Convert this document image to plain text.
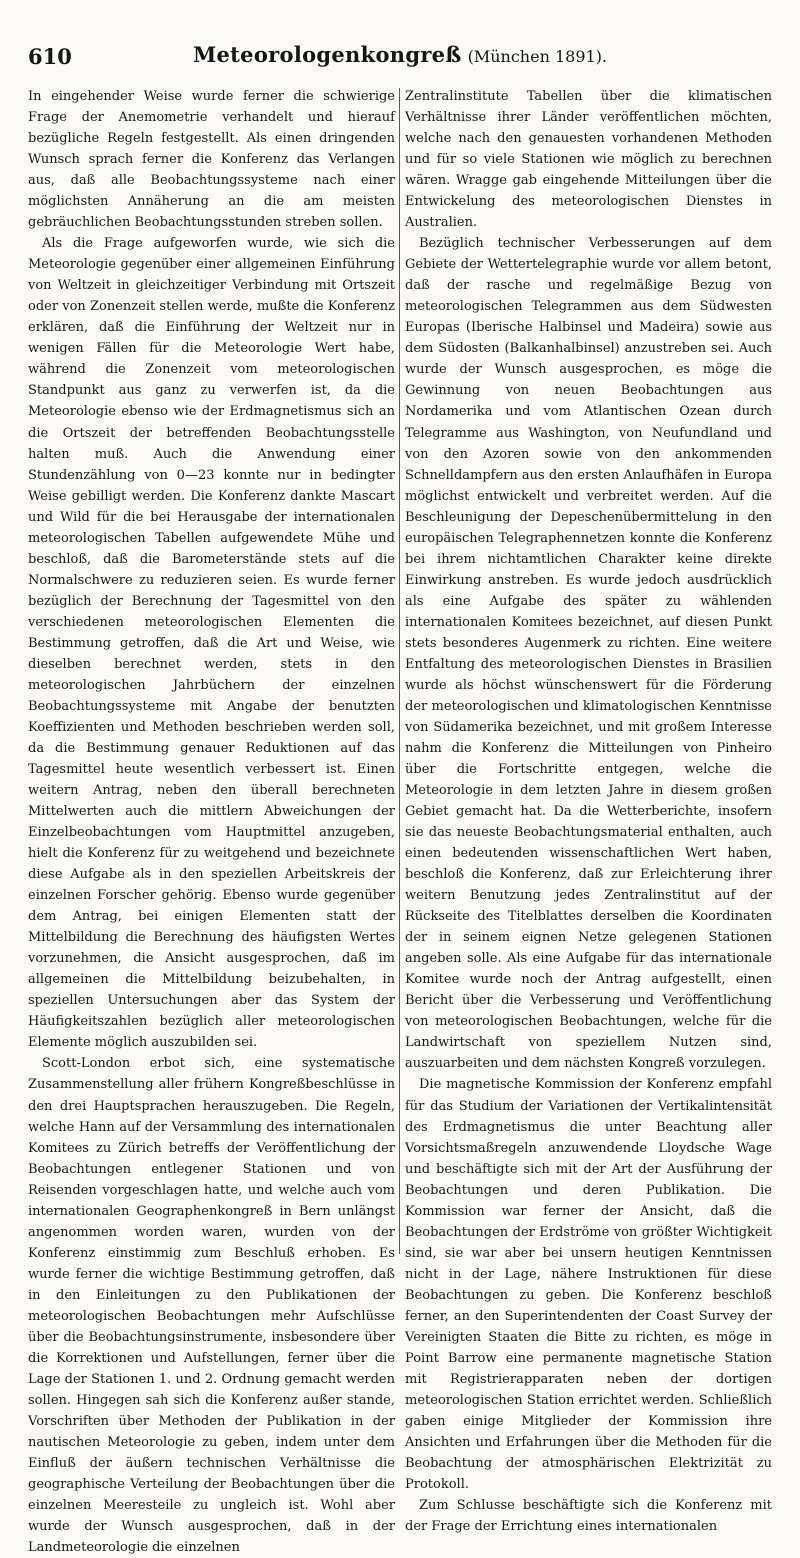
610	Meteorologenkongreß (München 1891).

In eingehender Weise wurde ferner die schwierige Frage der Anemometrie verhandelt und hierauf bezügliche Regeln festgestellt. Als einen dringenden Wunsch sprach ferner die Konferenz das Verlangen aus, daß alle Beobachtungssysteme nach einer möglichsten Annäherung an die am meisten gebräuchlichen Beobachtungsstunden streben sollen.

Als die Frage aufgeworfen wurde, wie sich die Meteorologie gegenüber einer allgemeinen Einführung von Weltzeit in gleichzeitiger Verbindung mit Ortszeit oder von Zonenzeit stellen werde, mußte die Konferenz erklären, daß die Einführung der Weltzeit nur in wenigen Fällen für die Meteorologie Wert habe, während die Zonenzeit vom meteorologischen Standpunkt aus ganz zu verwerfen ist, da die Meteorologie ebenso wie der Erdmagnetismus sich an die Ortszeit der betreffenden Beobachtungsstelle halten muß. Auch die Anwendung einer Stundenzählung von 0—23 konnte nur in bedingter Weise gebilligt werden. Die Konferenz dankte Mascart und Wild für die bei Herausgabe der internationalen meteorologischen Tabellen aufgewendete Mühe und beschloß, daß die Barometerstände stets auf die Normalschwere zu reduzieren seien. Es wurde ferner bezüglich der Berechnung der Tagesmittel von den verschiedenen meteorologischen Elementen die Bestimmung getroffen, daß die Art und Weise, wie dieselben berechnet werden, stets in den meteorologischen Jahrbüchern der einzelnen Beobachtungssysteme mit Angabe der benutzten Koeffizienten und Methoden beschrieben werden soll, da die Bestimmung genauer Reduktionen auf das Tagesmittel heute wesentlich verbessert ist. Einen weitern Antrag, neben den überall berechneten Mittelwerten auch die mittlern Abweichungen der Einzelbeobachtungen vom Hauptmittel anzugeben, hielt die Konferenz für zu weitgehend und bezeichnete diese Aufgabe als in den speziellen Arbeitskreis der einzelnen Forscher gehörig. Ebenso wurde gegenüber dem Antrag, bei einigen Elementen statt der Mittelbildung die Berechnung des häufigsten Wertes vorzunehmen, die Ansicht ausgesprochen, daß im allgemeinen die Mittelbildung beizubehalten, in speziellen Untersuchungen aber das System der Häufigkeitszahlen bezüglich aller meteorologischen Elemente möglich auszubilden sei.

Scott-London erbot sich, eine systematische Zusammenstellung aller frühern Kongreßbeschlüsse in den drei Hauptsprachen herauszugeben. Die Regeln, welche Hann auf der Versammlung des internationalen Komitees zu Zürich betreffs der Veröffentlichung der Beobachtungen entlegener Stationen und von Reisenden vorgeschlagen hatte, und welche auch vom internationalen Geographenkongreß in Bern unlängst angenommen worden waren, wurden von der Konferenz einstimmig zum Beschluß erhoben. Es wurde ferner die wichtige Bestimmung getroffen, daß in den Einleitungen zu den Publikationen der meteorologischen Beobachtungen mehr Aufschlüsse über die Beobachtungsinstrumente, insbesondere über die Korrektionen und Aufstellungen, ferner über die Lage der Stationen 1. und 2. Ordnung gemacht werden sollen. Hingegen sah sich die Konferenz außer stande, Vorschriften über Methoden der Publikation in der nautischen Meteorologie zu geben, indem unter dem Einfluß der äußern technischen Verhältnisse die geographische Verteilung der Beobachtungen über die einzelnen Meeresteile zu ungleich ist. Wohl aber wurde der Wunsch ausgesprochen, daß in der Landmeteorologie die einzelnen

Zentralinstitute Tabellen über die klimatischen Verhältnisse ihrer Länder veröffentlichen möchten, welche nach den genauesten vorhandenen Methoden und für so viele Stationen wie möglich zu berechnen wären. Wragge gab eingehende Mitteilungen über die Entwickelung des meteorologischen Dienstes in Australien.

Bezüglich technischer Verbesserungen auf dem Gebiete der Wettertelegraphie wurde vor allem betont, daß der rasche und regelmäßige Bezug von meteorologischen Telegrammen aus dem Südwesten Europas (Iberische Halbinsel und Madeira) sowie aus dem Südosten (Balkanhalbinsel) anzustreben sei. Auch wurde der Wunsch ausgesprochen, es möge die Gewinnung von neuen Beobachtungen aus Nordamerika und vom Atlantischen Ozean durch Telegramme aus Washington, von Neufundland und von den Azoren sowie von den ankommenden Schnelldampfern aus den ersten Anlaufhäfen in Europa möglichst entwickelt und verbreitet werden. Auf die Beschleunigung der Depeschenübermittelung in den europäischen Telegraphennetzen konnte die Konferenz bei ihrem nichtamtlichen Charakter keine direkte Einwirkung anstreben. Es wurde jedoch ausdrücklich als eine Aufgabe des später zu wählenden internationalen Komitees bezeichnet, auf diesen Punkt stets besonderes Augenmerk zu richten. Eine weitere Entfaltung des meteorologischen Dienstes in Brasilien wurde als höchst wünschenswert für die Förderung der meteorologischen und klimatologischen Kenntnisse von Südamerika bezeichnet, und mit großem Interesse nahm die Konferenz die Mitteilungen von Pinheiro über die Fortschritte entgegen, welche die Meteorologie in dem letzten Jahre in diesem großen Gebiet gemacht hat. Da die Wetterberichte, insofern sie das neueste Beobachtungsmaterial enthalten, auch einen bedeutenden wissenschaftlichen Wert haben, beschloß die Konferenz, daß zur Erleichterung ihrer weitern Benutzung jedes Zentralinstitut auf der Rückseite des Titelblattes derselben die Koordinaten der in seinem eignen Netze gelegenen Stationen angeben solle. Als eine Aufgabe für das internationale Komitee wurde noch der Antrag aufgestellt, einen Bericht über die Verbesserung und Veröffentlichung von meteorologischen Beobachtungen, welche für die Landwirtschaft von speziellem Nutzen sind, auszuarbeiten und dem nächsten Kongreß vorzulegen.

Die magnetische Kommission der Konferenz empfahl für das Studium der Variationen der Vertikalintensität des Erdmagnetismus die unter Beachtung aller Vorsichtsmaßregeln anzuwendende Lloydsche Wage und beschäftigte sich mit der Art der Ausführung der Beobachtungen und deren Publikation. Die Kommission war ferner der Ansicht, daß die Beobachtungen der Erdströme von größter Wichtigkeit sind, sie war aber bei unsern heutigen Kenntnissen nicht in der Lage, nähere Instruktionen für diese Beobachtungen zu geben. Die Konferenz beschloß ferner, an den Superintendenten der Coast Survey der Vereinigten Staaten die Bitte zu richten, es möge in Point Barrow eine permanente magnetische Station mit Registrierapparaten neben der dortigen meteorologischen Station errichtet werden. Schließlich gaben einige Mitglieder der Kommission ihre Ansichten und Erfahrungen über die Methoden für die Beobachtung der atmosphärischen Elektrizität zu Protokoll.

Zum Schlusse beschäftigte sich die Konferenz mit der Frage der Errichtung eines internationalen
